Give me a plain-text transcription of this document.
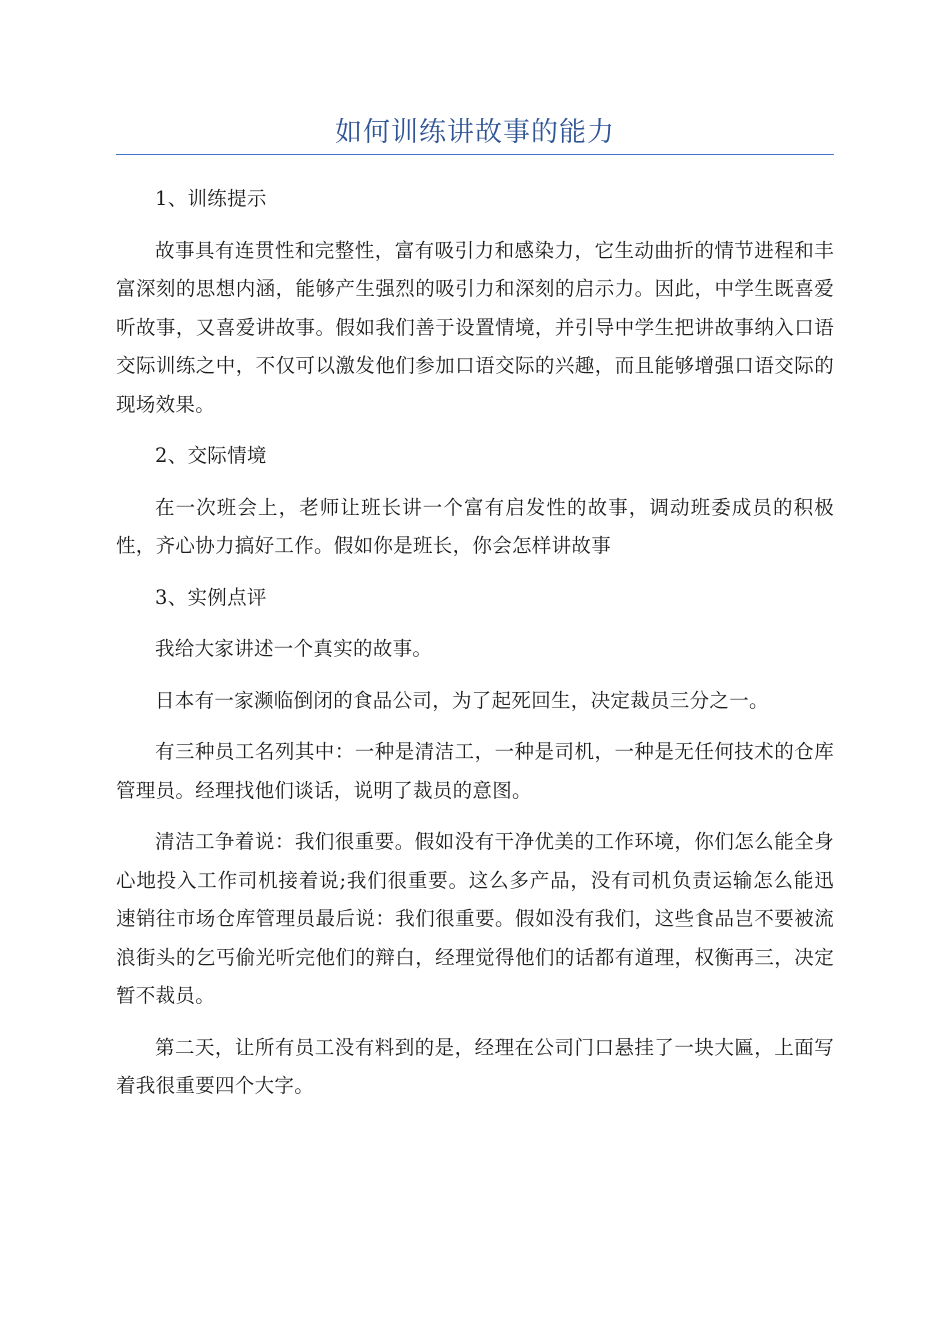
如何训练讲故事的能力

1、训练提示

故事具有连贯性和完整性，富有吸引力和感染力，它生动曲折的情节进程和丰富深刻的思想内涵，能够产生强烈的吸引力和深刻的启示力。因此，中学生既喜爱听故事，又喜爱讲故事。假如我们善于设置情境，并引导中学生把讲故事纳入口语交际训练之中，不仅可以激发他们参加口语交际的兴趣，而且能够增强口语交际的现场效果。

2、交际情境

在一次班会上，老师让班长讲一个富有启发性的故事，调动班委成员的积极性，齐心协力搞好工作。假如你是班长，你会怎样讲故事

3、实例点评

我给大家讲述一个真实的故事。

日本有一家濒临倒闭的食品公司，为了起死回生，决定裁员三分之一。

有三种员工名列其中：一种是清洁工，一种是司机，一种是无任何技术的仓库管理员。经理找他们谈话，说明了裁员的意图。

清洁工争着说：我们很重要。假如没有干净优美的工作环境，你们怎么能全身心地投入工作司机接着说;我们很重要。这么多产品，没有司机负责运输怎么能迅速销往市场仓库管理员最后说：我们很重要。假如没有我们，这些食品岂不要被流浪街头的乞丐偷光听完他们的辩白，经理觉得他们的话都有道理，权衡再三，决定暂不裁员。

第二天，让所有员工没有料到的是，经理在公司门口悬挂了一块大匾，上面写着我很重要四个大字。
